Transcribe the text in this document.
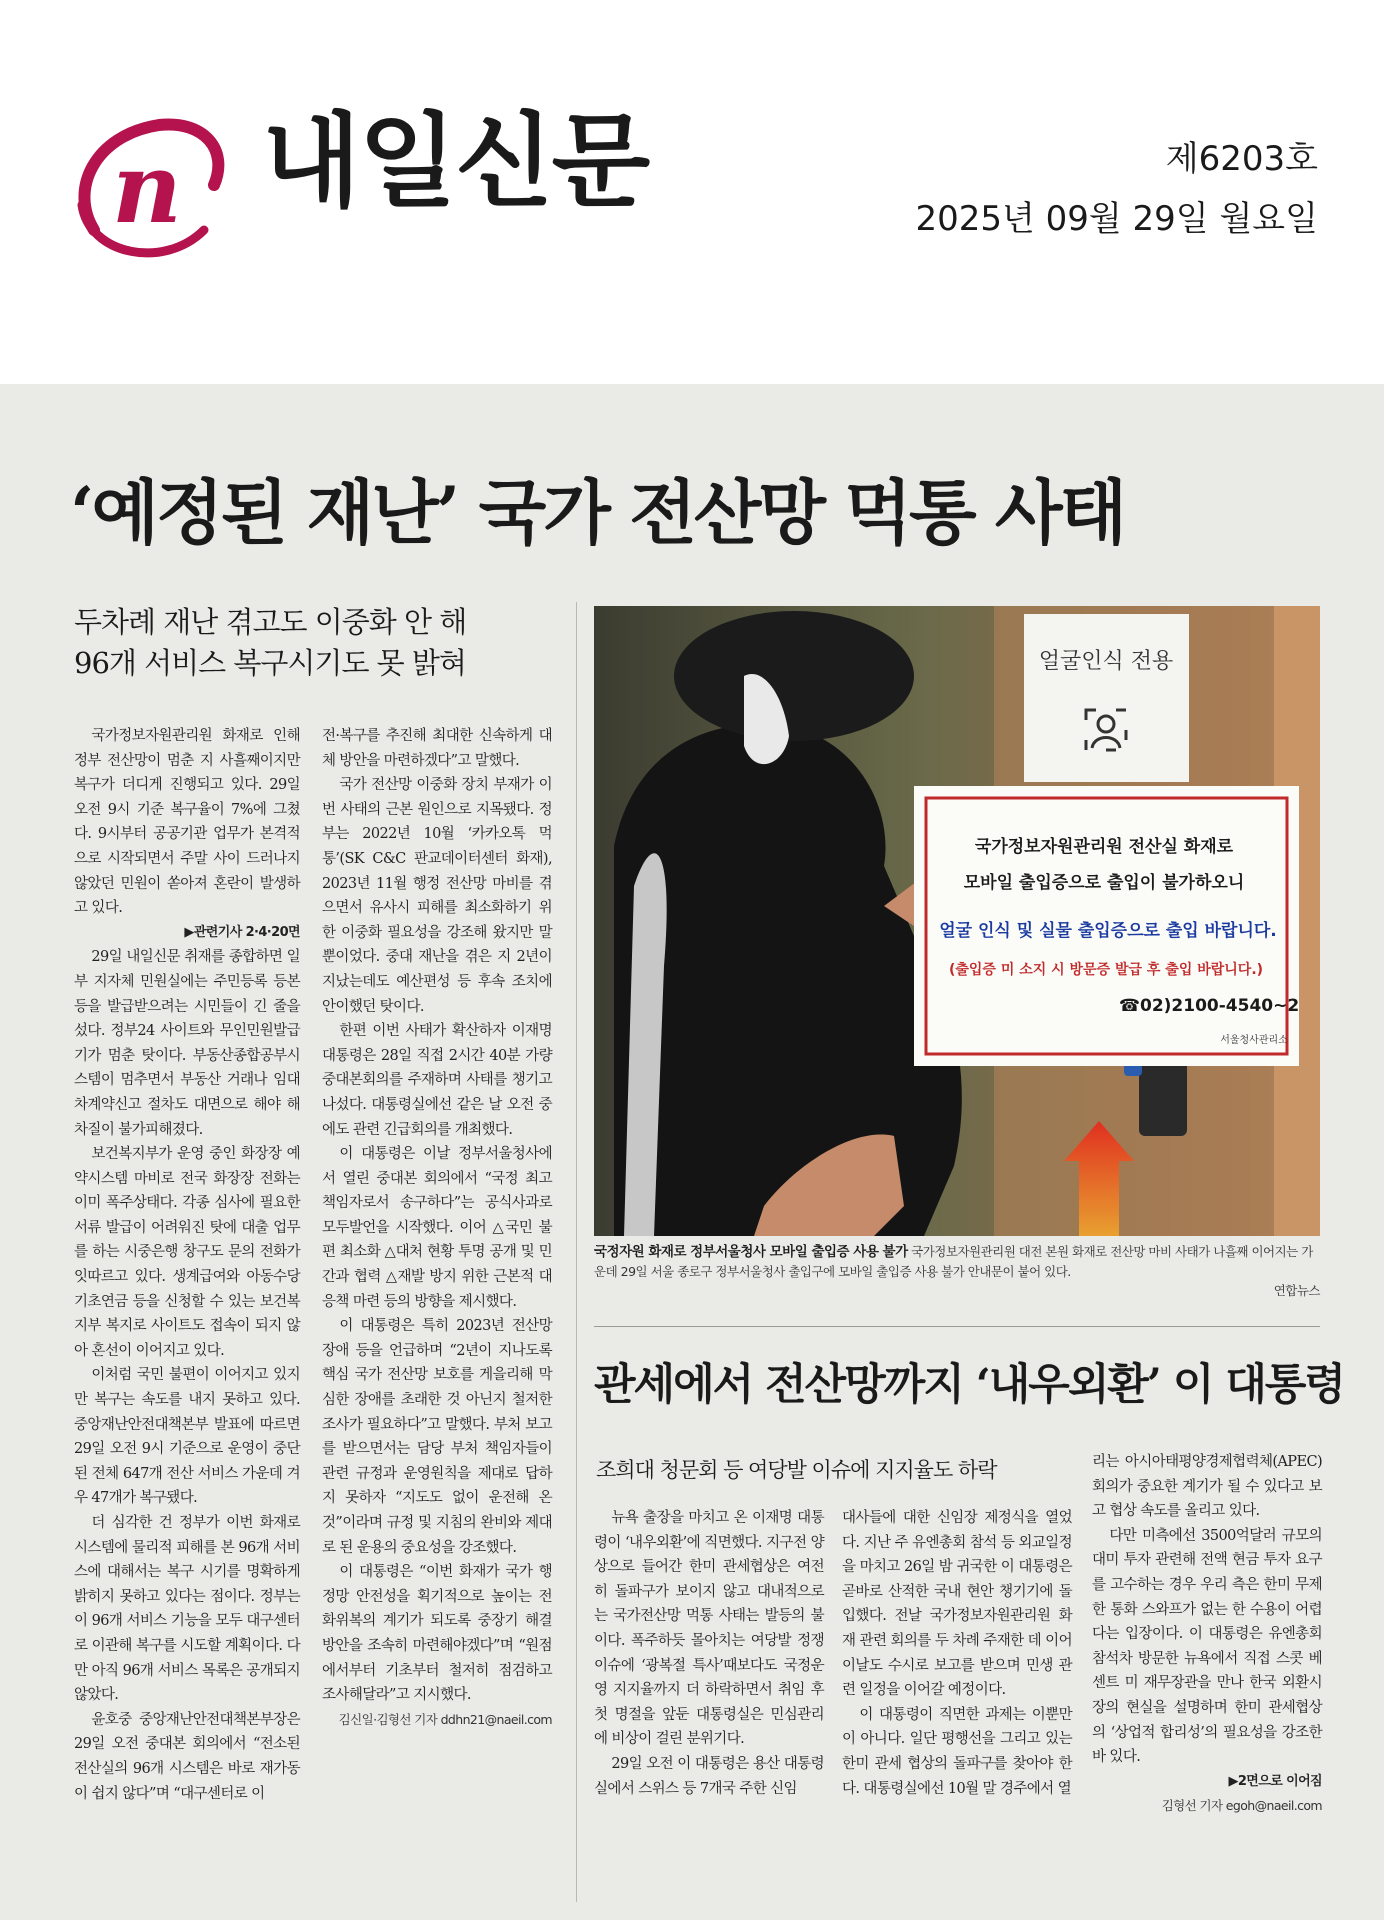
n 내일신문	제6203호
2025년 09월 29일 월요일
‘예정된 재난’ 국가 전산망 먹통 사태
두차례 재난 겪고도 이중화 안 해
96개 서비스 복구시기도 못 밝혀

국가정보자원관리원 화재로 인해 정부 전산망이 멈춘 지 사흘째이지만 복구가 더디게 진행되고 있다. 29일 오전 9시 기준 복구율이 7%에 그쳤다. 9시부터 공공기관 업무가 본격적으로 시작되면서 주말 사이 드러나지 않았던 민원이 쏟아져 혼란이 발생하고 있다.

▶관련기사 2·4·20면

29일 내일신문 취재를 종합하면 일부 지자체 민원실에는 주민등록 등본 등을 발급받으려는 시민들이 긴 줄을 섰다. 정부24 사이트와 무인민원발급기가 멈춘 탓이다. 부동산종합공부시스템이 멈추면서 부동산 거래나 임대차계약신고 절차도 대면으로 해야 해 차질이 불가피해졌다.

보건복지부가 운영 중인 화장장 예약시스템 마비로 전국 화장장 전화는 이미 폭주상태다. 각종 심사에 필요한 서류 발급이 어려워진 탓에 대출 업무를 하는 시중은행 창구도 문의 전화가 잇따르고 있다. 생계급여와 아동수당 기초연금 등을 신청할 수 있는 보건복지부 복지로 사이트도 접속이 되지 않아 혼선이 이어지고 있다.

이처럼 국민 불편이 이어지고 있지만 복구는 속도를 내지 못하고 있다. 중앙재난안전대책본부 발표에 따르면 29일 오전 9시 기준으로 운영이 중단된 전체 647개 전산 서비스 가운데 겨우 47개가 복구됐다.

더 심각한 건 정부가 이번 화재로 시스템에 물리적 피해를 본 96개 서비스에 대해서는 복구 시기를 명확하게 밝히지 못하고 있다는 점이다. 정부는 이 96개 서비스 기능을 모두 대구센터로 이관해 복구를 시도할 계획이다. 다만 아직 96개 서비스 목록은 공개되지 않았다.

윤호중 중앙재난안전대책본부장은 29일 오전 중대본 회의에서 “전소된 전산실의 96개 시스템은 바로 재가동이 쉽지 않다”며 “대구센터로 이

전·복구를 추진해 최대한 신속하게 대체 방안을 마련하겠다”고 말했다.

국가 전산망 이중화 장치 부재가 이번 사태의 근본 원인으로 지목됐다. 정부는 2022년 10월 ‘카카오톡 먹통’(SK C&C 판교데이터센터 화재), 2023년 11월 행정 전산망 마비를 겪으면서 유사시 피해를 최소화하기 위한 이중화 필요성을 강조해 왔지만 말뿐이었다. 중대 재난을 겪은 지 2년이 지났는데도 예산편성 등 후속 조치에 안이했던 탓이다.

한편 이번 사태가 확산하자 이재명 대통령은 28일 직접 2시간 40분 가량 중대본회의를 주재하며 사태를 챙기고 나섰다. 대통령실에선 같은 날 오전 중에도 관련 긴급회의를 개최했다.

이 대통령은 이날 정부서울청사에서 열린 중대본 회의에서 “국정 최고 책임자로서 송구하다”는 공식사과로 모두발언을 시작했다. 이어 △국민 불편 최소화 △대처 현황 투명 공개 및 민간과 협력 △재발 방지 위한 근본적 대응책 마련 등의 방향을 제시했다.

이 대통령은 특히 2023년 전산망 장애 등을 언급하며 “2년이 지나도록 핵심 국가 전산망 보호를 게을리해 막심한 장애를 초래한 것 아닌지 철저한 조사가 필요하다”고 말했다. 부처 보고를 받으면서는 담당 부처 책임자들이 관련 규정과 운영원칙을 제대로 답하지 못하자 “지도도 없이 운전해 온 것”이라며 규정 및 지침의 완비와 제대로 된 운용의 중요성을 강조했다.

이 대통령은 “이번 화재가 국가 행정망 안전성을 획기적으로 높이는 전화위복의 계기가 되도록 중장기 해결 방안을 조속히 마련해야겠다”며 “원점에서부터 기초부터 철저히 점검하고 조사해달라”고 지시했다.

김신일·김형선 기자 ddhn21@naeil.com

얼굴인식 전용
국가정보자원관리원 전산실 화재로
모바일 출입증으로 출입이 불가하오니
얼굴 인식 및 실물 출입증으로 출입 바랍니다.
(출입증 미 소지 시 방문증 발급 후 출입 바랍니다.)
☎02)2100-4540~2
서울청사관리소
국정자원 화재로 정부서울청사 모바일 출입증 사용 불가 국가정보자원관리원 대전 본원 화재로 전산망 마비 사태가 나흘째 이어지는 가운데 29일 서울 종로구 정부서울청사 출입구에 모바일 출입증 사용 불가 안내문이 붙어 있다.
연합뉴스
관세에서 전산망까지 ‘내우외환’ 이 대통령
조희대 청문회 등 여당발 이슈에 지지율도 하락

뉴욕 출장을 마치고 온 이재명 대통령이 ‘내우외환’에 직면했다. 지구전 양상으로 들어간 한미 관세협상은 여전히 돌파구가 보이지 않고 대내적으로는 국가전산망 먹통 사태는 발등의 불이다. 폭주하듯 몰아치는 여당발 정쟁 이슈에 ‘광복절 특사’때보다도 국정운영 지지율까지 더 하락하면서 취임 후 첫 명절을 앞둔 대통령실은 민심관리에 비상이 걸린 분위기다.

29일 오전 이 대통령은 용산 대통령실에서 스위스 등 7개국 주한 신임

대사들에 대한 신임장 제정식을 열었다. 지난 주 유엔총회 참석 등 외교일정을 마치고 26일 밤 귀국한 이 대통령은 곧바로 산적한 국내 현안 챙기기에 돌입했다. 전날 국가정보자원관리원 화재 관련 회의를 두 차례 주재한 데 이어 이날도 수시로 보고를 받으며 민생 관련 일정을 이어갈 예정이다.

이 대통령이 직면한 과제는 이뿐만이 아니다. 일단 평행선을 그리고 있는 한미 관세 협상의 돌파구를 찾아야 한다. 대통령실에선 10월 말 경주에서 열

리는 아시아태평양경제협력체(APEC) 회의가 중요한 계기가 될 수 있다고 보고 협상 속도를 올리고 있다.

다만 미측에선 3500억달러 규모의 대미 투자 관련해 전액 현금 투자 요구를 고수하는 경우 우리 측은 한미 무제한 통화 스와프가 없는 한 수용이 어렵다는 입장이다. 이 대통령은 유엔총회 참석차 방문한 뉴욕에서 직접 스콧 베센트 미 재무장관을 만나 한국 외환시장의 현실을 설명하며 한미 관세협상의 ‘상업적 합리성’의 필요성을 강조한 바 있다.

▶2면으로 이어짐

김형선 기자 egoh@naeil.com
